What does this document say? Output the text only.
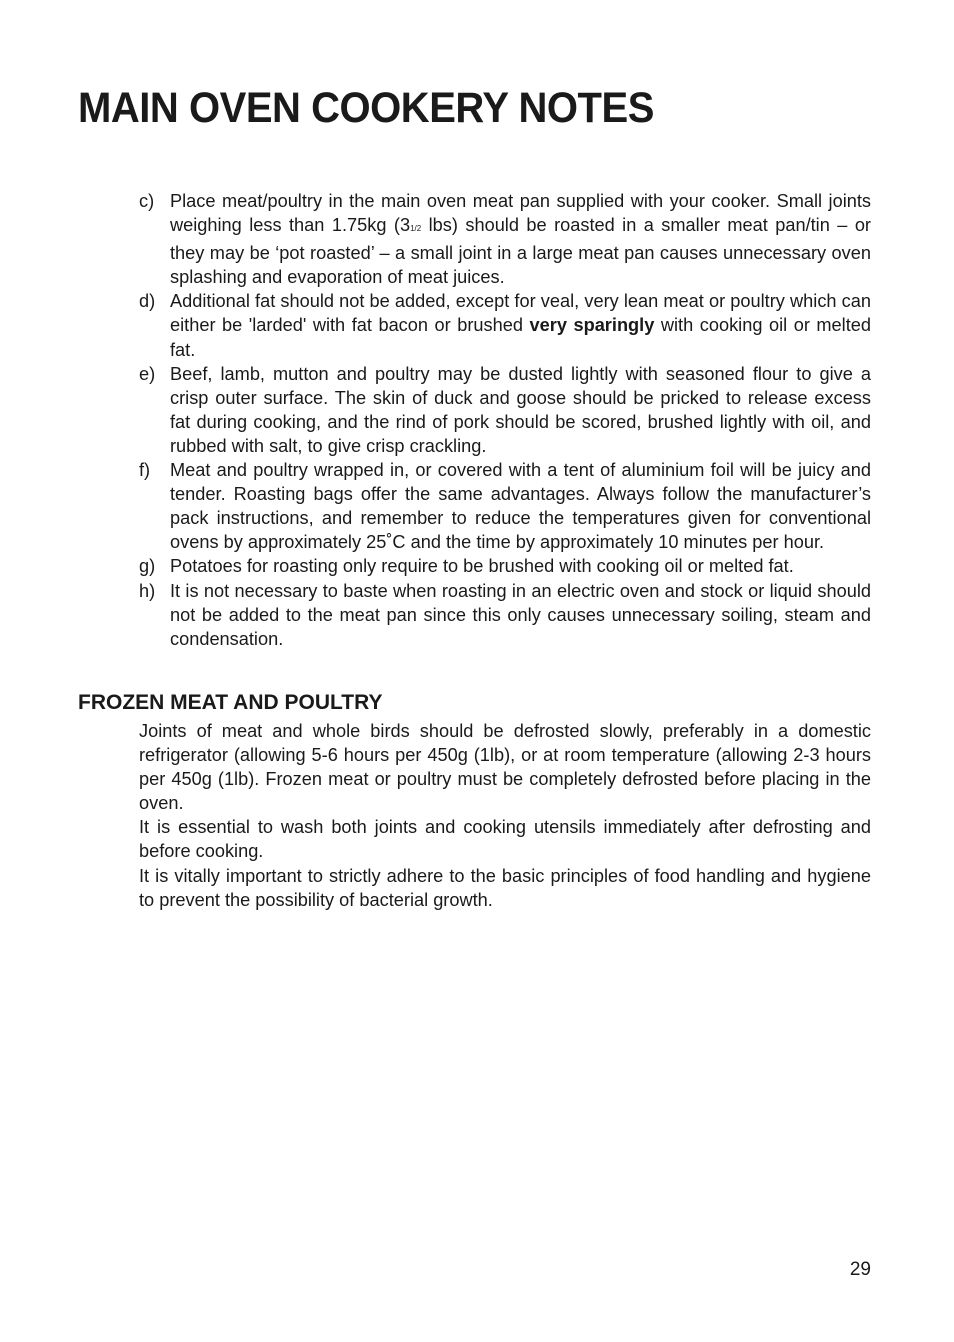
MAIN OVEN COOKERY NOTES
c) Place meat/poultry in the main oven meat pan supplied with your cooker. Small joints weighing less than 1.75kg (31/2 lbs) should be roasted in a smaller meat pan/tin – or they may be ‘pot roasted’ – a small joint in a large meat pan causes unnecessary oven splashing and evaporation of meat juices.
d) Additional fat should not be added, except for veal, very lean meat or poultry which can either be 'larded' with fat bacon or brushed very sparingly with cooking oil or melted fat.
e) Beef, lamb, mutton and poultry may be dusted lightly with seasoned flour to give a crisp outer surface. The skin of duck and goose should be pricked to release excess fat during cooking, and the rind of pork should be scored, brushed lightly with oil, and rubbed with salt, to give crisp crackling.
f) Meat and poultry wrapped in, or covered with a tent of aluminium foil will be juicy and tender. Roasting bags offer the same advantages. Always follow the manufacturer’s pack instructions, and remember to reduce the temperatures given for conventional ovens by approximately 25˚C and the time by approximately 10 minutes per hour.
g) Potatoes for roasting only require to be brushed with cooking oil or melted fat.
h) It is not necessary to baste when roasting in an electric oven and stock or liquid should not be added to the meat pan since this only causes unnecessary soiling, steam and condensation.
FROZEN MEAT AND POULTRY

Joints of meat and whole birds should be defrosted slowly, preferably in a domestic refrigerator (allowing 5-6 hours per 450g (1lb), or at room temperature (allowing 2-3 hours per 450g (1lb). Frozen meat or poultry must be completely defrosted before placing in the oven.

It is essential to wash both joints and cooking utensils immediately after defrosting and before cooking.

It is vitally important to strictly adhere to the basic principles of food handling and hygiene to prevent the possibility of bacterial growth.

29
